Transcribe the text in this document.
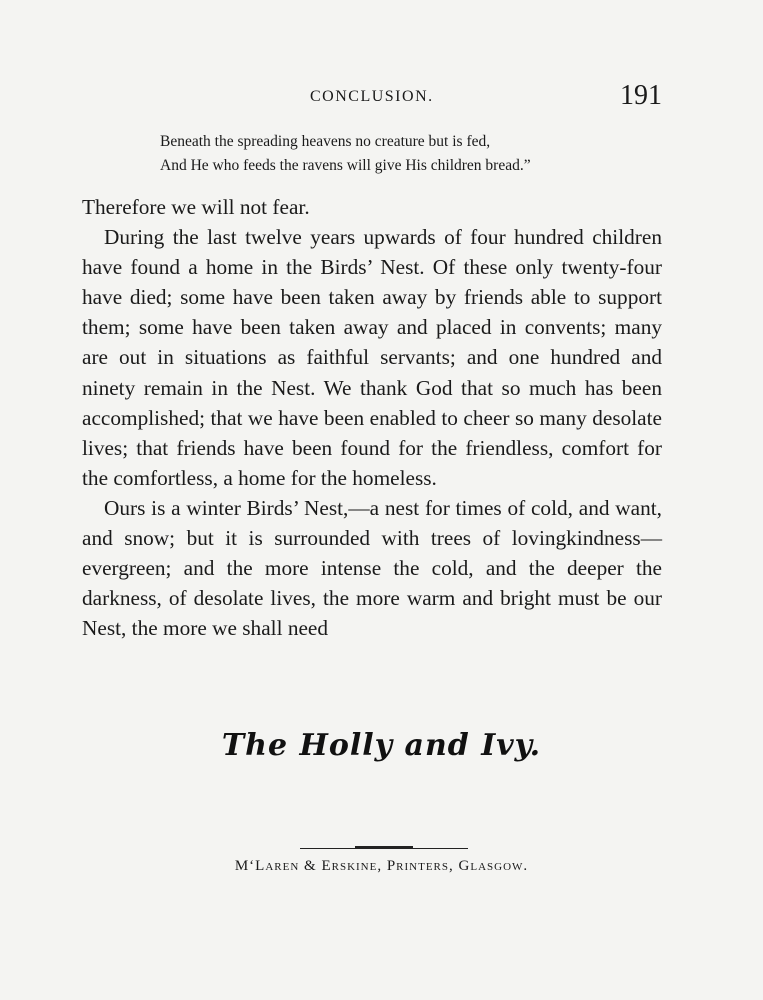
CONCLUSION.	191
Beneath the spreading heavens no creature but is fed,
And He who feeds the ravens will give His children bread.”

Therefore we will not fear.

During the last twelve years upwards of four hundred children have found a home in the Birds’ Nest. Of these only twenty-four have died; some have been taken away by friends able to support them; some have been taken away and placed in convents; many are out in situations as faithful servants; and one hundred and ninety remain in the Nest. We thank God that so much has been accomplished; that we have been enabled to cheer so many desolate lives; that friends have been found for the friendless, comfort for the comfortless, a home for the homeless.

Ours is a winter Birds’ Nest,—a nest for times of cold, and want, and snow; but it is surrounded with trees of lovingkindness—evergreen; and the more intense the cold, and the deeper the darkness, of desolate lives, the more warm and bright must be our Nest, the more we shall need

The Holly and Ivy.
M‘Laren & Erskine, Printers, Glasgow.
